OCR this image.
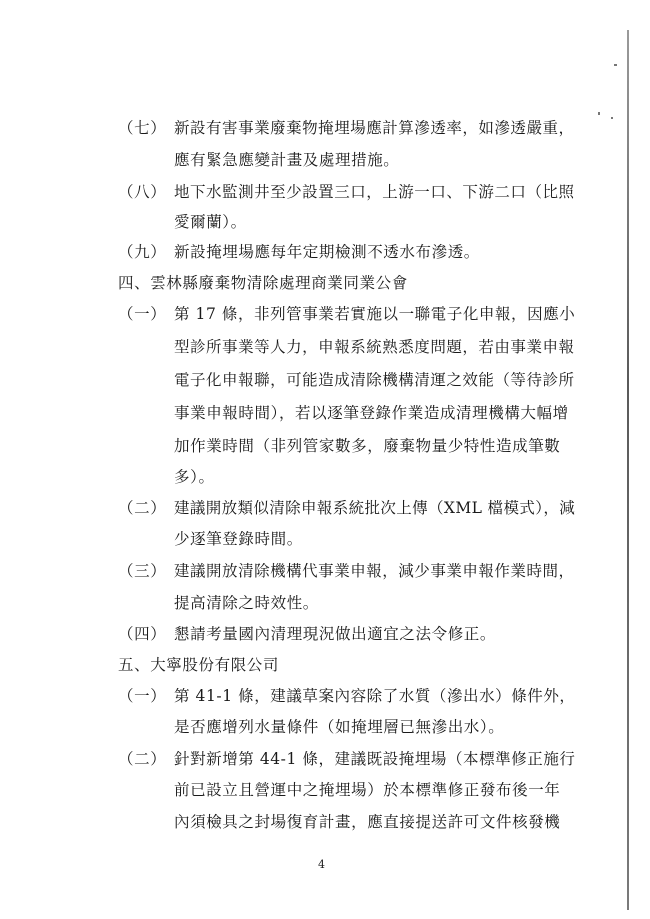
（七） 新設有害事業廢棄物掩埋場應計算滲透率，如滲透嚴重，
應有緊急應變計畫及處理措施。
（八） 地下水監測井至少設置三口，上游一口、下游二口（比照
愛爾蘭）。
（九） 新設掩埋場應每年定期檢測不透水布滲透。
四、雲林縣廢棄物清除處理商業同業公會
（一） 第 17 條，非列管事業若實施以一聯電子化申報，因應小
型診所事業等人力，申報系統熟悉度問題，若由事業申報
電子化申報聯，可能造成清除機構清運之效能（等待診所
事業申報時間），若以逐筆登錄作業造成清理機構大幅增
加作業時間（非列管家數多，廢棄物量少特性造成筆數
多）。
（二） 建議開放類似清除申報系統批次上傳（XML 檔模式），減
少逐筆登錄時間。
（三） 建議開放清除機構代事業申報，減少事業申報作業時間，
提高清除之時效性。
（四） 懇請考量國內清理現況做出適宜之法令修正。
五、大寧股份有限公司
（一） 第 41-1 條，建議草案內容除了水質（滲出水）條件外，
是否應增列水量條件（如掩埋層已無滲出水）。
（二） 針對新增第 44-1 條，建議既設掩埋場（本標準修正施行
前已設立且營運中之掩埋場）於本標準修正發布後一年
內須檢具之封場復育計畫，應直接提送許可文件核發機
4
